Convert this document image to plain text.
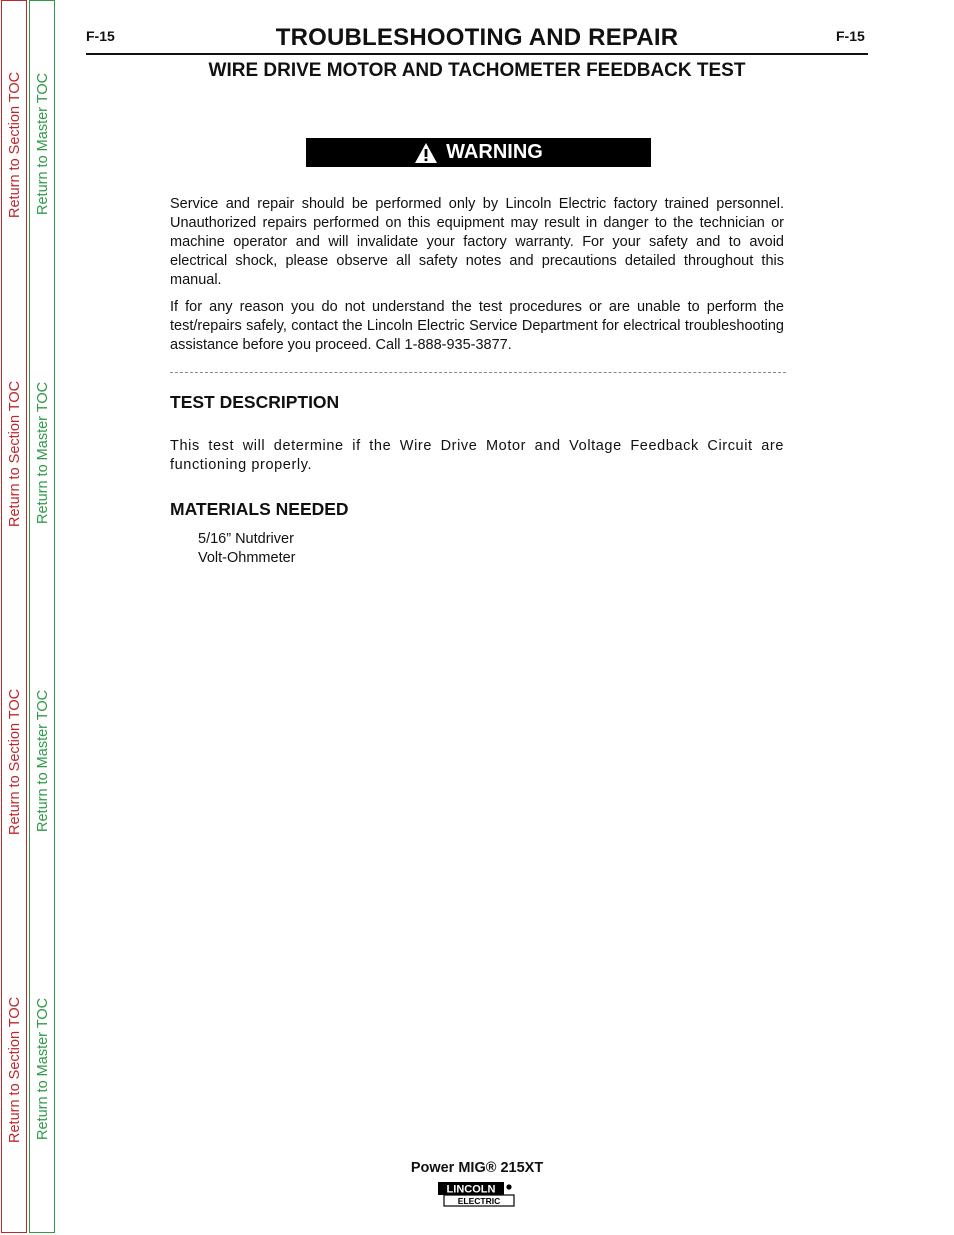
Return to Section TOC
Return to Section TOC
Return to Section TOC
Return to Section TOC
Return to Master TOC
Return to Master TOC
Return to Master TOC
Return to Master TOC
F-15	TROUBLESHOOTING AND REPAIR	F-15
WIRE DRIVE MOTOR AND TACHOMETER FEEDBACK TEST
WARNING
Service and repair should be performed only by Lincoln Electric factory trained personnel. Unauthorized repairs performed on this equipment may result in danger to the technician or machine operator and will invalidate your factory warranty. For your safety and to avoid electrical shock, please observe all safety notes and precautions detailed throughout this manual.
If for any reason you do not understand the test procedures or are unable to perform the test/repairs safely, contact the Lincoln Electric Service Department for electrical troubleshooting assistance before you proceed. Call 1-888-935-3877.
TEST DESCRIPTION
This test will determine if the Wire Drive Motor and Voltage Feedback Circuit are functioning properly.
MATERIALS NEEDED
5/16” Nutdriver
Volt-Ohmmeter
Power MIG® 215XT
LINCOLN
ELECTRIC
